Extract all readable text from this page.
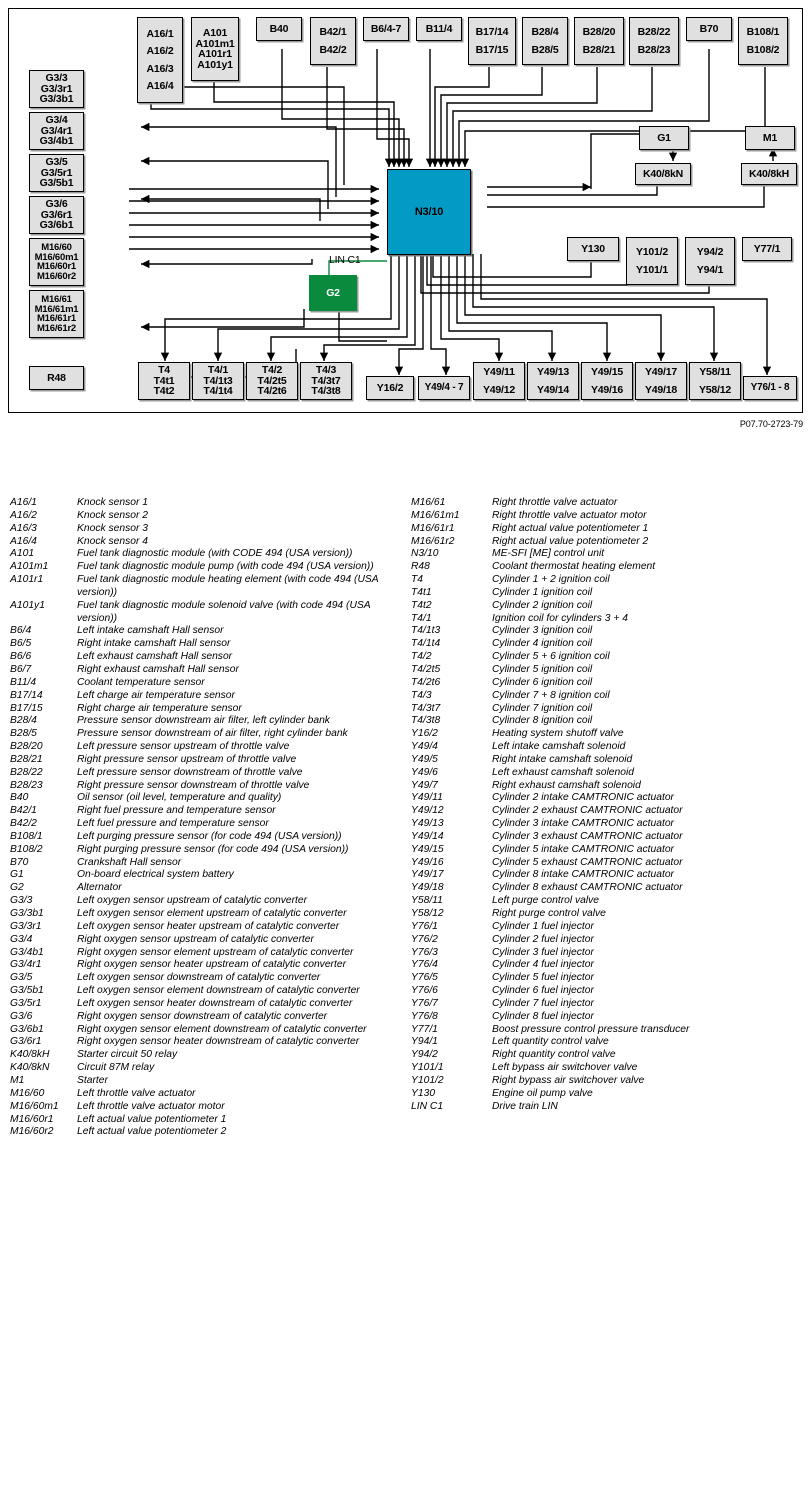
A16/1
A16/2
A16/3
A16/4
A101
A101m1
A101r1
A101y1
B40	B42/1
B42/2
B6/4-7 B11/4	B17/14
B17/15
B28/4
B28/5
B28/20
B28/21
B28/22
B28/23
B70	B108/1
B108/2
G3/3
G3/3r1
G3/3b1
G3/4
G3/4r1
G3/4b1
G3/5
G3/5r1
G3/5b1
G3/6
G3/6r1
G3/6b1
M16/60
M16/60m1
M16/60r1
M16/60r2
M16/61
M16/61m1
M16/61r1
M16/61r2
R48
N3/10
G2
LIN C1
G1	M1
K40/8kN	K40/8kH
Y130	Y101/2
Y101/1
Y94/2
Y94/1
Y77/1
T4
T4t1
T4t2
T4/1
T4/1t3
T4/1t4
T4/2
T4/2t5
T4/2t6
T4/3
T4/3t7
T4/3t8	Y16/2 Y49/4 - 7
Y49/11
Y49/12
Y49/13
Y49/14
Y49/15
Y49/16
Y49/17
Y49/18
Y58/11
Y58/12	Y76/1 - 8
P07.70-2723-79
A16/1	Knock sensor 1
A16/2	Knock sensor 2
A16/3	Knock sensor 3
A16/4	Knock sensor 4
A101	Fuel tank diagnostic module (with CODE 494 (USA version))
A101m1	Fuel tank diagnostic module pump (with code 494 (USA version))
A101r1	Fuel tank diagnostic module heating element (with code 494 (USA version))
A101y1	Fuel tank diagnostic module solenoid valve (with code 494 (USA version))
B6/4	Left intake camshaft Hall sensor
B6/5	Right intake camshaft Hall sensor
B6/6	Left exhaust camshaft Hall sensor
B6/7	Right exhaust camshaft Hall sensor
B11/4	Coolant temperature sensor
B17/14	Left charge air temperature sensor
B17/15	Right charge air temperature sensor
B28/4	Pressure sensor downstream air filter, left cylinder bank
B28/5	Pressure sensor downstream of air filter, right cylinder bank
B28/20	Left pressure sensor upstream of throttle valve
B28/21	Right pressure sensor upstream of throttle valve
B28/22	Left pressure sensor downstream of throttle valve
B28/23	Right pressure sensor downstream of throttle valve
B40	Oil sensor (oil level, temperature and quality)
B42/1	Right fuel pressure and temperature sensor
B42/2	Left fuel pressure and temperature sensor
B108/1	Left purging pressure sensor (for code 494 (USA version))
B108/2	Right purging pressure sensor (for code 494 (USA version))
B70	Crankshaft Hall sensor
G1	On-board electrical system battery
G2	Alternator
G3/3	Left oxygen sensor upstream of catalytic converter
G3/3b1	Left oxygen sensor element upstream of catalytic converter
G3/3r1	Left oxygen sensor heater upstream of catalytic converter
G3/4	Right oxygen sensor upstream of catalytic converter
G3/4b1	Right oxygen sensor element upstream of catalytic converter
G3/4r1	Right oxygen sensor heater upstream of catalytic converter
G3/5	Left oxygen sensor downstream of catalytic converter
G3/5b1	Left oxygen sensor element downstream of catalytic converter
G3/5r1	Left oxygen sensor heater downstream of catalytic converter
G3/6	Right oxygen sensor downstream of catalytic converter
G3/6b1	Right oxygen sensor element downstream of catalytic converter
G3/6r1	Right oxygen sensor heater downstream of catalytic converter
K40/8kH	Starter circuit 50 relay
K40/8kN	Circuit 87M relay
M1	Starter
M16/60	Left throttle valve actuator
M16/60m1	Left throttle valve actuator motor
M16/60r1	Left actual value potentiometer 1
M16/60r2	Left actual value potentiometer 2
M16/61	Right throttle valve actuator
M16/61m1	Right throttle valve actuator motor
M16/61r1	Right actual value potentiometer 1
M16/61r2	Right actual value potentiometer 2
N3/10	ME-SFI [ME] control unit
R48	Coolant thermostat heating element
T4	Cylinder 1 + 2 ignition coil
T4t1	Cylinder 1 ignition coil
T4t2	Cylinder 2 ignition coil
T4/1	Ignition coil for cylinders 3 + 4
T4/1t3	Cylinder 3 ignition coil
T4/1t4	Cylinder 4 ignition coil
T4/2	Cylinder 5 + 6 ignition coil
T4/2t5	Cylinder 5 ignition coil
T4/2t6	Cylinder 6 ignition coil
T4/3	Cylinder 7 + 8 ignition coil
T4/3t7	Cylinder 7 ignition coil
T4/3t8	Cylinder 8 ignition coil
Y16/2	Heating system shutoff valve
Y49/4	Left intake camshaft solenoid
Y49/5	Right intake camshaft solenoid
Y49/6	Left exhaust camshaft solenoid
Y49/7	Right exhaust camshaft solenoid
Y49/11	Cylinder 2 intake CAMTRONIC actuator
Y49/12	Cylinder 2 exhaust CAMTRONIC actuator
Y49/13	Cylinder 3 intake CAMTRONIC actuator
Y49/14	Cylinder 3 exhaust CAMTRONIC actuator
Y49/15	Cylinder 5 intake CAMTRONIC actuator
Y49/16	Cylinder 5 exhaust CAMTRONIC actuator
Y49/17	Cylinder 8 intake CAMTRONIC actuator
Y49/18	Cylinder 8 exhaust CAMTRONIC actuator
Y58/11	Left purge control valve
Y58/12	Right purge control valve
Y76/1	Cylinder 1 fuel injector
Y76/2	Cylinder 2 fuel injector
Y76/3	Cylinder 3 fuel injector
Y76/4	Cylinder 4 fuel injector
Y76/5	Cylinder 5 fuel injector
Y76/6	Cylinder 6 fuel injector
Y76/7	Cylinder 7 fuel injector
Y76/8	Cylinder 8 fuel injector
Y77/1	Boost pressure control pressure transducer
Y94/1	Left quantity control valve
Y94/2	Right quantity control valve
Y101/1	Left bypass air switchover valve
Y101/2	Right bypass air switchover valve
Y130	Engine oil pump valve
LIN C1	Drive train LIN
